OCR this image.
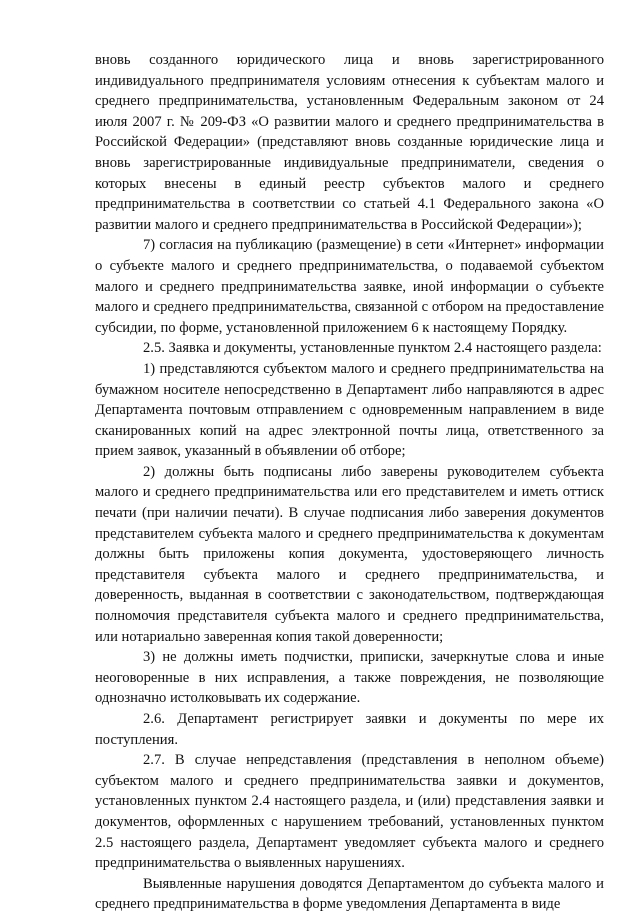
вновь созданного юридического лица и вновь зарегистрированного индивидуального предпринимателя условиям отнесения к субъектам малого и среднего предпринимательства, установленным Федеральным законом от 24 июля 2007 г. № 209-ФЗ «О развитии малого и среднего предпринимательства в Российской Федерации» (представляют вновь созданные юридические лица и вновь зарегистрированные индивидуальные предприниматели, сведения о которых внесены в единый реестр субъектов малого и среднего предпринимательства в соответствии со статьей 4.1 Федерального закона «О развитии малого и среднего предпринимательства в Российской Федерации»);

7) согласия на публикацию (размещение) в сети «Интернет» информации о субъекте малого и среднего предпринимательства, о подаваемой субъектом малого и среднего предпринимательства заявке, иной информации о субъекте малого и среднего предпринимательства, связанной с отбором на предоставление субсидии, по форме, установленной приложением 6 к настоящему Порядку.

2.5. Заявка и документы, установленные пунктом 2.4 настоящего раздела:

1) представляются субъектом малого и среднего предпринимательства на бумажном носителе непосредственно в Департамент либо направляются в адрес Департамента почтовым отправлением с одновременным направлением в виде сканированных копий на адрес электронной почты лица, ответственного за прием заявок, указанный в объявлении об отборе;

2) должны быть подписаны либо заверены руководителем субъекта малого и среднего предпринимательства или его представителем и иметь оттиск печати (при наличии печати). В случае подписания либо заверения документов представителем субъекта малого и среднего предпринимательства к документам должны быть приложены копия документа, удостоверяющего личность представителя субъекта малого и среднего предпринимательства, и доверенность, выданная в соответствии с законодательством, подтверждающая полномочия представителя субъекта малого и среднего предпринимательства, или нотариально заверенная копия такой доверенности;

3) не должны иметь подчистки, приписки, зачеркнутые слова и иные неоговоренные в них исправления, а также повреждения, не позволяющие однозначно истолковывать их содержание.

2.6. Департамент регистрирует заявки и документы по мере их поступления.

2.7. В случае непредставления (представления в неполном объеме) субъектом малого и среднего предпринимательства заявки и документов, установленных пунктом 2.4 настоящего раздела, и (или) представления заявки и документов, оформленных с нарушением требований, установленных пунктом 2.5 настоящего раздела, Департамент уведомляет субъекта малого и среднего предпринимательства о выявленных нарушениях.

Выявленные нарушения доводятся Департаментом до субъекта малого и среднего предпринимательства в форме уведомления Департамента в виде
